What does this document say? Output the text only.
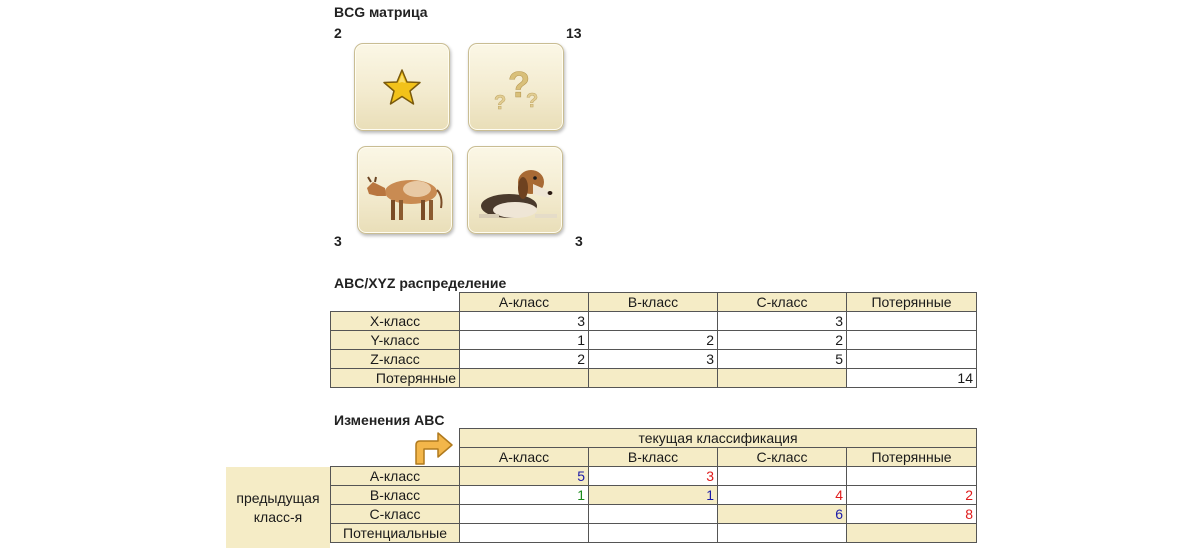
BCG матрица
2	13
3	3
?
? ?
ABC/XYZ распределение
	A-класс	B-класс	C-класс	Потерянные
X-класс	3		3	
Y-класс	1	2	2	
Z-класс	2	3	5	
Потерянные				14
Изменения ABC
предыдущая класс-я
	текущая классификация			
	A-класс	B-класс	C-класс	Потерянные
A-класс	5	3		
B-класс	1	1	4	2
C-класс			6	8
Потенциальные				
